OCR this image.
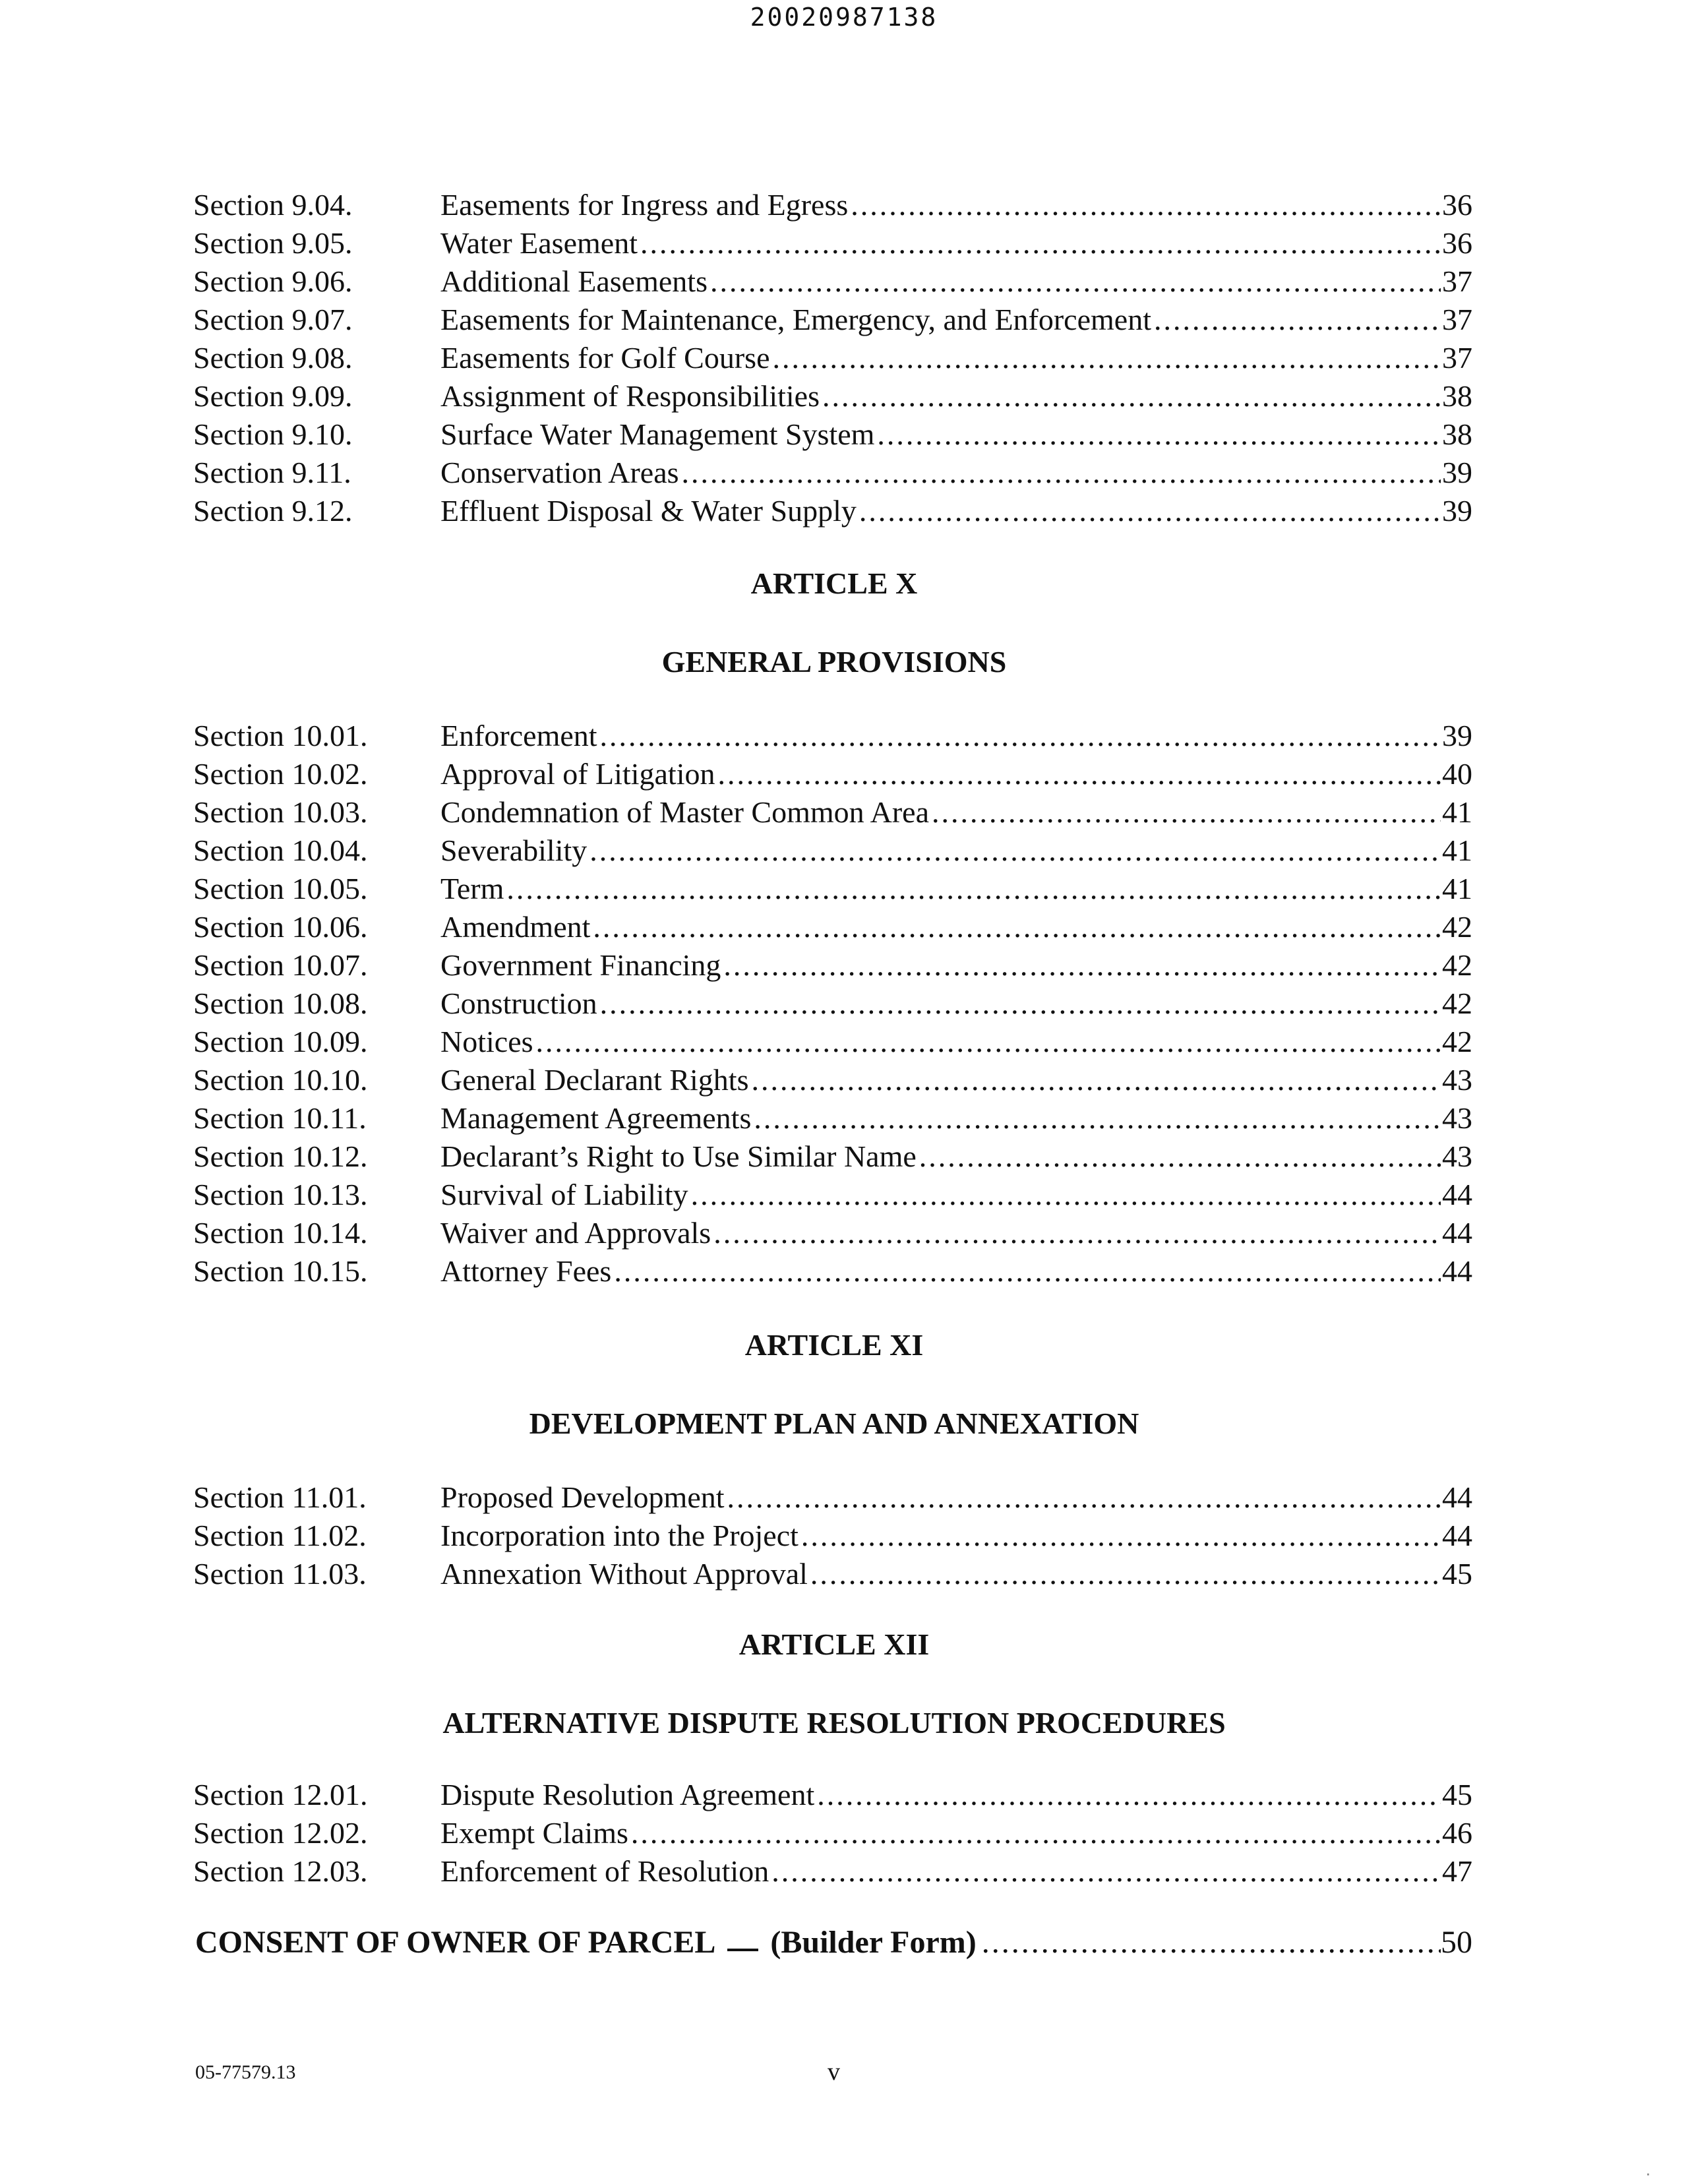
20020987138
Section 9.04.	Easements for Ingress and Egress .....	36
Section 9.05.	Water Easement .....	36
Section 9.06.	Additional Easements .....	37
Section 9.07.	Easements for Maintenance, Emergency, and Enforcement .....	37
Section 9.08.	Easements for Golf Course .....	37
Section 9.09.	Assignment of Responsibilities .....	38
Section 9.10.	Surface Water Management System .....	38
Section 9.11.	Conservation Areas .....	39
Section 9.12.	Effluent Disposal & Water Supply .....	39
ARTICLE X
GENERAL PROVISIONS
Section 10.01. Enforcement .....	39
Section 10.02. Approval of Litigation .....	40
Section 10.03. Condemnation of Master Common Area .....	41
Section 10.04. Severability .....	41
Section 10.05. Term .....	41
Section 10.06. Amendment .....	42
Section 10.07. Government Financing .....	42
Section 10.08. Construction .....	42
Section 10.09. Notices .....	42
Section 10.10. General Declarant Rights .....	43
Section 10.11. Management Agreements .....	43
Section 10.12. Declarant’s Right to Use Similar Name .....	43
Section 10.13. Survival of Liability .....	44
Section 10.14. Waiver and Approvals .....	44
Section 10.15. Attorney Fees .....	44
ARTICLE XI
DEVELOPMENT PLAN AND ANNEXATION
Section 11.01. Proposed Development .....	44
Section 11.02. Incorporation into the Project .....	44
Section 11.03. Annexation Without Approval .....	45
ARTICLE XII
ALTERNATIVE DISPUTE RESOLUTION PROCEDURES
Section 12.01. Dispute Resolution Agreement .....	45
Section 12.02. Exempt Claims .....	46
Section 12.03. Enforcement of Resolution .....	47
CONSENT OF OWNER OF PARCEL (Builder Form) .....	50
05-77579.13	v
